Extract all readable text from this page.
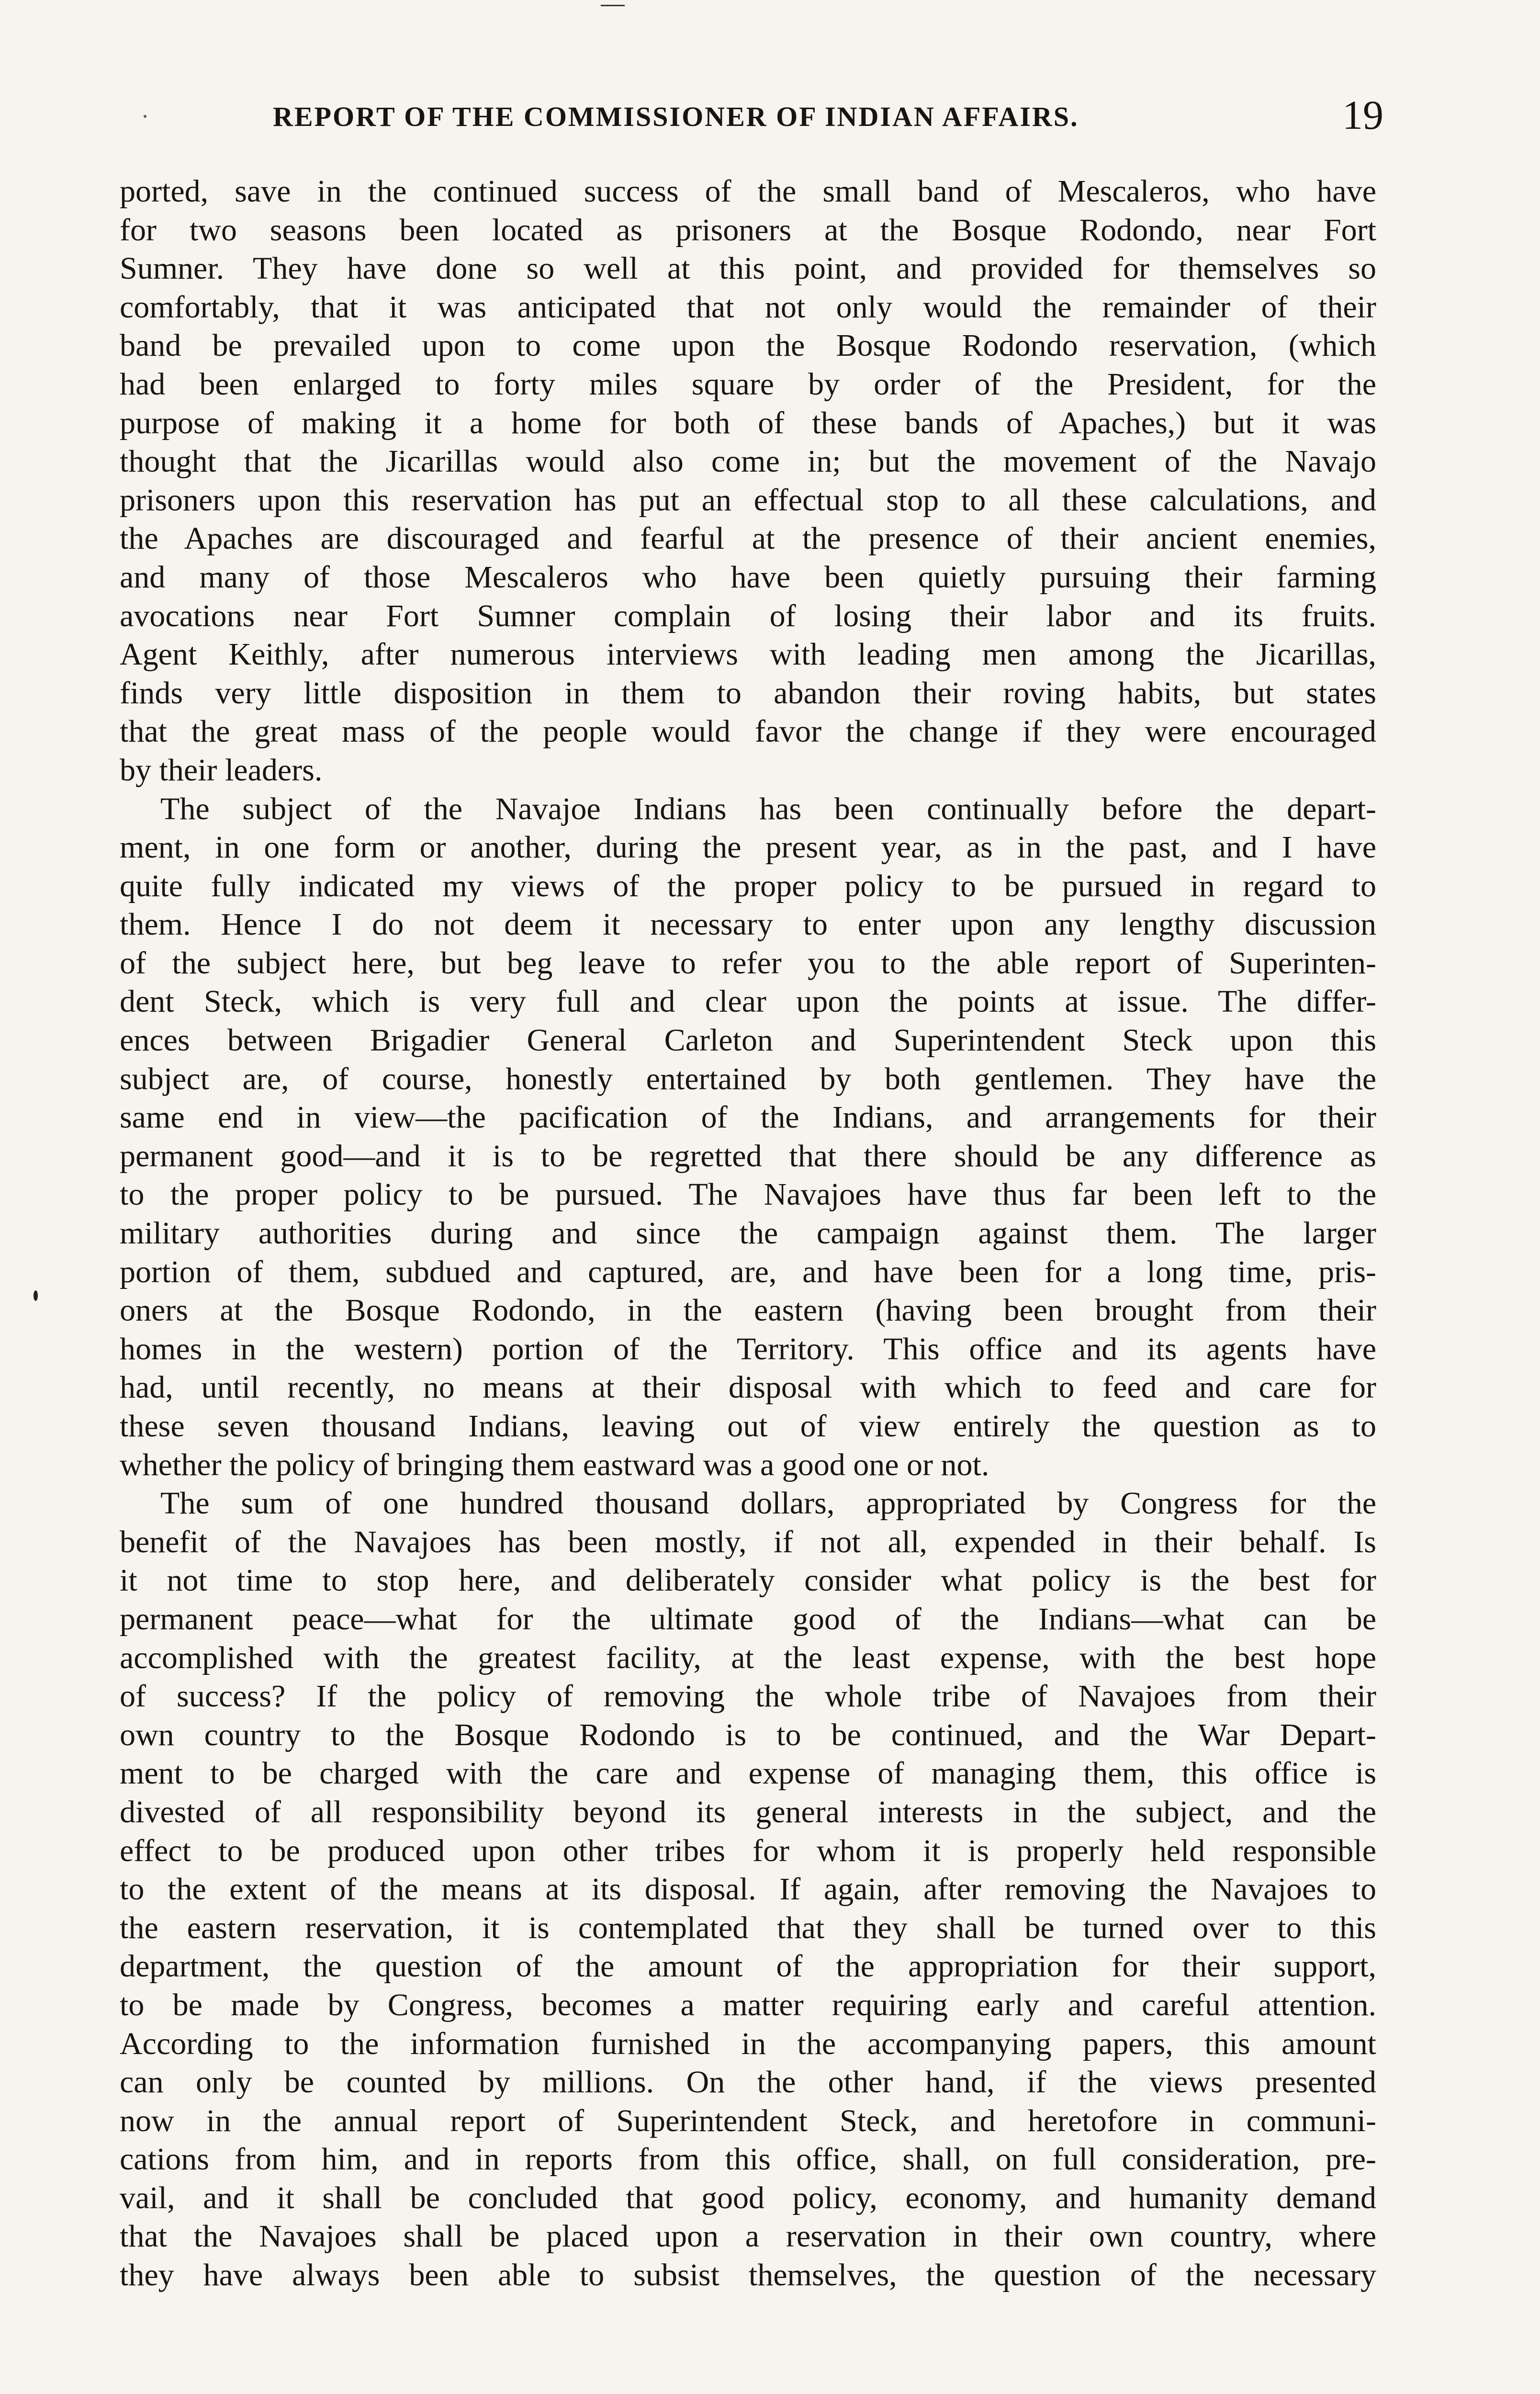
REPORT OF THE COMMISSIONER OF INDIAN AFFAIRS.	19
ported, save in the continued success of the small band of Mescaleros, who have
for two seasons been located as prisoners at the Bosque Rodondo, near Fort
Sumner. They have done so well at this point, and provided for themselves so
comfortably, that it was anticipated that not only would the remainder of their
band be prevailed upon to come upon the Bosque Rodondo reservation, (which
had been enlarged to forty miles square by order of the President, for the
purpose of making it a home for both of these bands of Apaches,) but it was
thought that the Jicarillas would also come in; but the movement of the Navajo
prisoners upon this reservation has put an effectual stop to all these calculations, and
the Apaches are discouraged and fearful at the presence of their ancient enemies,
and many of those Mescaleros who have been quietly pursuing their farming
avocations near Fort Sumner complain of losing their labor and its fruits.
Agent Keithly, after numerous interviews with leading men among the Jicarillas,
finds very little disposition in them to abandon their roving habits, but states
that the great mass of the people would favor the change if they were encouraged
by their leaders.
The subject of the Navajoe Indians has been continually before the depart-
ment, in one form or another, during the present year, as in the past, and I have
quite fully indicated my views of the proper policy to be pursued in regard to
them. Hence I do not deem it necessary to enter upon any lengthy discussion
of the subject here, but beg leave to refer you to the able report of Superinten-
dent Steck, which is very full and clear upon the points at issue. The differ-
ences between Brigadier General Carleton and Superintendent Steck upon this
subject are, of course, honestly entertained by both gentlemen. They have the
same end in view—the pacification of the Indians, and arrangements for their
permanent good—and it is to be regretted that there should be any difference as
to the proper policy to be pursued. The Navajoes have thus far been left to the
military authorities during and since the campaign against them. The larger
portion of them, subdued and captured, are, and have been for a long time, pris-
oners at the Bosque Rodondo, in the eastern (having been brought from their
homes in the western) portion of the Territory. This office and its agents have
had, until recently, no means at their disposal with which to feed and care for
these seven thousand Indians, leaving out of view entirely the question as to
whether the policy of bringing them eastward was a good one or not.
The sum of one hundred thousand dollars, appropriated by Congress for the
benefit of the Navajoes has been mostly, if not all, expended in their behalf. Is
it not time to stop here, and deliberately consider what policy is the best for
permanent peace—what for the ultimate good of the Indians—what can be
accomplished with the greatest facility, at the least expense, with the best hope
of success? If the policy of removing the whole tribe of Navajoes from their
own country to the Bosque Rodondo is to be continued, and the War Depart-
ment to be charged with the care and expense of managing them, this office is
divested of all responsibility beyond its general interests in the subject, and the
effect to be produced upon other tribes for whom it is properly held responsible
to the extent of the means at its disposal. If again, after removing the Navajoes to
the eastern reservation, it is contemplated that they shall be turned over to this
department, the question of the amount of the appropriation for their support,
to be made by Congress, becomes a matter requiring early and careful attention.
According to the information furnished in the accompanying papers, this amount
can only be counted by millions. On the other hand, if the views presented
now in the annual report of Superintendent Steck, and heretofore in communi-
cations from him, and in reports from this office, shall, on full consideration, pre-
vail, and it shall be concluded that good policy, economy, and humanity demand
that the Navajoes shall be placed upon a reservation in their own country, where
they have always been able to subsist themselves, the question of the necessary
